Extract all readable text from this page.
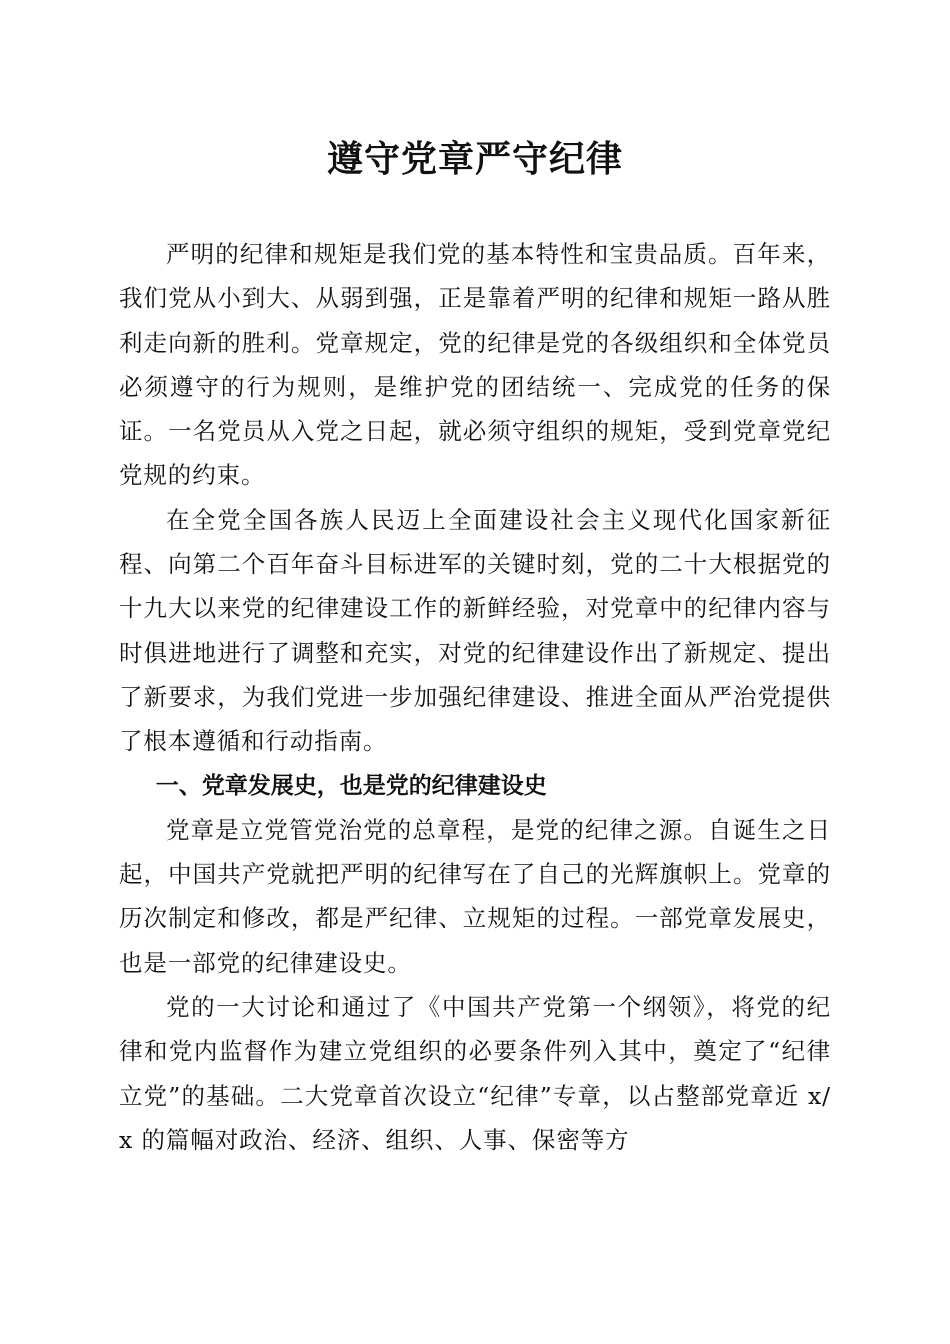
遵守党章严守纪律

严明的纪律和规矩是我们党的基本特性和宝贵品质。百年来，我们党从小到大、从弱到强，正是靠着严明的纪律和规矩一路从胜利走向新的胜利。党章规定，党的纪律是党的各级组织和全体党员必须遵守的行为规则，是维护党的团结统一、完成党的任务的保证。一名党员从入党之日起，就必须守组织的规矩，受到党章党纪党规的约束。

在全党全国各族人民迈上全面建设社会主义现代化国家新征程、向第二个百年奋斗目标进军的关键时刻，党的二十大根据党的十九大以来党的纪律建设工作的新鲜经验，对党章中的纪律内容与时俱进地进行了调整和充实，对党的纪律建设作出了新规定、提出了新要求，为我们党进一步加强纪律建设、推进全面从严治党提供了根本遵循和行动指南。

一、党章发展史，也是党的纪律建设史

党章是立党管党治党的总章程，是党的纪律之源。自诞生之日起，中国共产党就把严明的纪律写在了自己的光辉旗帜上。党章的历次制定和修改，都是严纪律、立规矩的过程。一部党章发展史，也是一部党的纪律建设史。

党的一大讨论和通过了《中国共产党第一个纲领》，将党的纪律和党内监督作为建立党组织的必要条件列入其中，奠定了“纪律立党”的基础。二大党章首次设立“纪律”专章，以占整部党章近 x/x 的篇幅对政治、经济、组织、人事、保密等方
